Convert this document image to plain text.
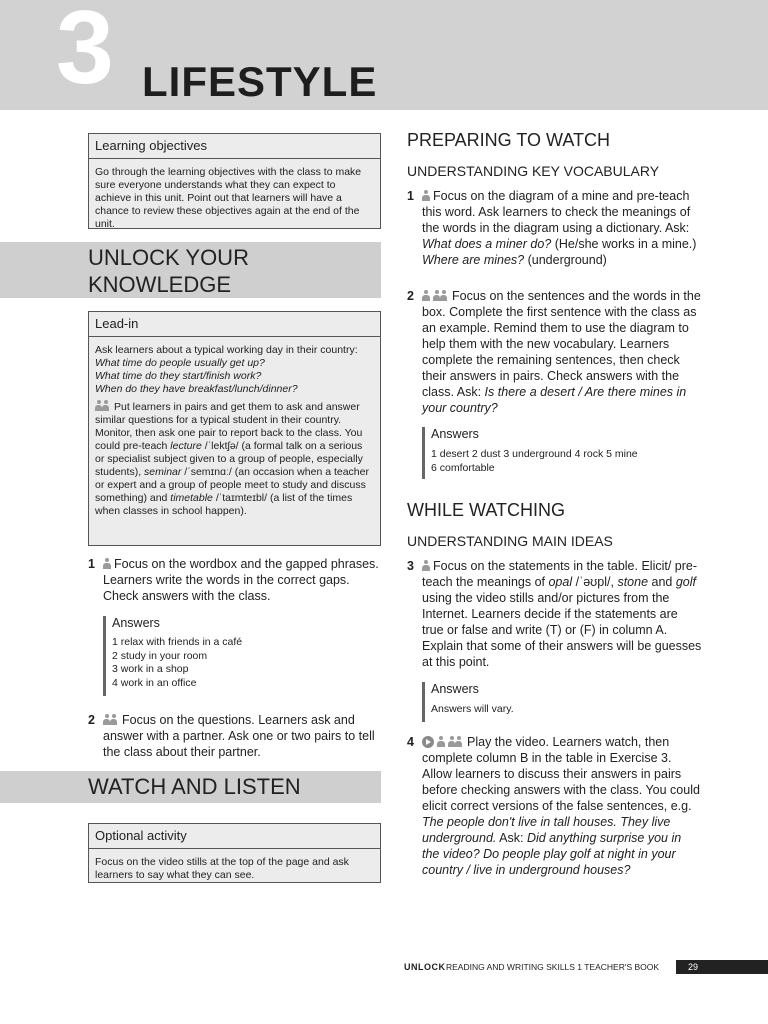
3 LIFESTYLE
Learning objectives
Go through the learning objectives with the class to make sure everyone understands what they can expect to achieve in this unit. Point out that learners will have a chance to review these objectives again at the end of the unit.
UNLOCK YOUR
KNOWLEDGE
Lead-in
Ask learners about a typical working day in their country:
What time do people usually get up?
What time do they start/finish work?
When do they have breakfast/lunch/dinner?
Put learners in pairs and get them to ask and answer similar questions for a typical student in their country. Monitor, then ask one pair to report back to the class. You could pre-teach lecture /ˈlektʃə/ (a formal talk on a serious or specialist subject given to a group of people, especially students), seminar /ˈsemɪnɑː/ (an occasion when a teacher or expert and a group of people meet to study and discuss something) and timetable /ˈtaɪmteɪbl/ (a list of the times when classes in school happen).
1	Focus on the wordbox and the gapped phrases. Learners write the words in the correct gaps. Check answers with the class.
Answers
1 relax with friends in a café
2 study in your room
3 work in a shop
4 work in an office
2	Focus on the questions. Learners ask and answer with a partner. Ask one or two pairs to tell the class about their partner.
WATCH AND LISTEN
Optional activity
Focus on the video stills at the top of the page and ask learners to say what they can see.
PREPARING TO WATCH
UNDERSTANDING KEY VOCABULARY
1	Focus on the diagram of a mine and pre-teach this word. Ask learners to check the meanings of the words in the diagram using a dictionary. Ask: What does a miner do? (He/she works in a mine.) Where are mines? (underground)
2	Focus on the sentences and the words in the box. Complete the first sentence with the class as an example. Remind them to use the diagram to help them with the new vocabulary. Learners complete the remaining sentences, then check their answers in pairs. Check answers with the class. Ask: Is there a desert / Are there mines in your country?
Answers
1 desert 2 dust 3 underground 4 rock 5 mine
6 comfortable
WHILE WATCHING
UNDERSTANDING MAIN IDEAS
3	Focus on the statements in the table. Elicit/ pre-teach the meanings of opal /ˈəʊpl/, stone and golf using the video stills and/or pictures from the Internet. Learners decide if the statements are true or false and write (T) or (F) in column A. Explain that some of their answers will be guesses at this point.
Answers
Answers will vary.
4	Play the video. Learners watch, then complete column B in the table in Exercise 3. Allow learners to discuss their answers in pairs before checking answers with the class. You could elicit correct versions of the false sentences, e.g. The people don't live in tall houses. They live underground. Ask: Did anything surprise you in the video? Do people play golf at night in your country / live in underground houses?
UNLOCK READING AND WRITING SKILLS 1 TEACHER'S BOOK	29
